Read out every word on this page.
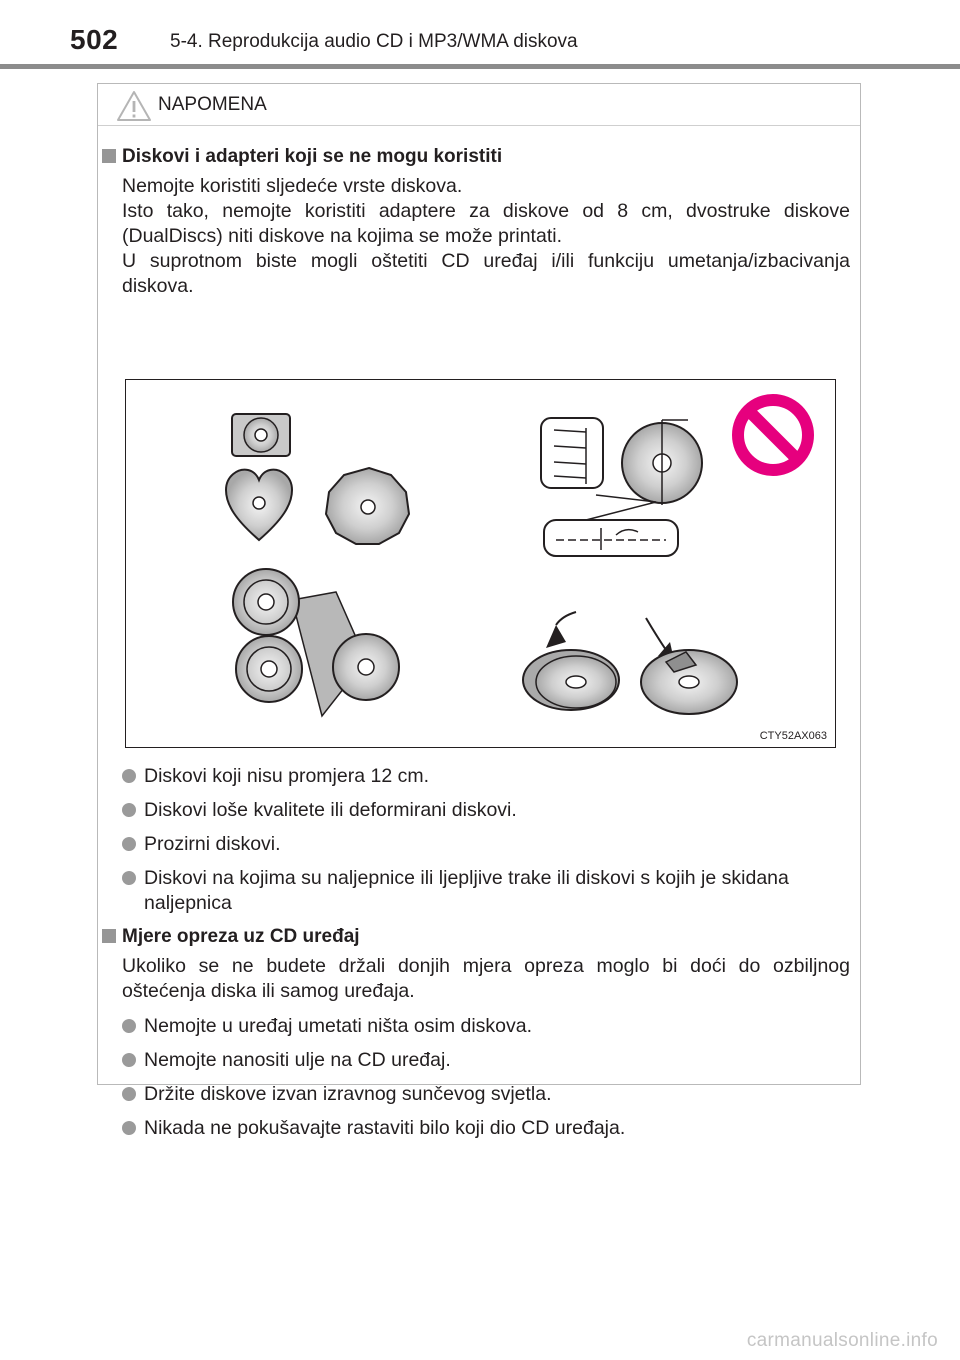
502	5-4. Reprodukcija audio CD i MP3/WMA diskova
NAPOMENA
Diskovi i adapteri koji se ne mogu koristiti

Nemojte koristiti sljedeće vrste diskova.

Isto tako, nemojte koristiti adaptere za diskove od 8 cm, dvostruke diskove (DualDiscs) niti diskove na kojima se može printati.

U suprotnom biste mogli oštetiti CD uređaj i/ili funkciju umetanja/izbacivanja diskova.

CTY52AX063
Diskovi koji nisu promjera 12 cm.
Diskovi loše kvalitete ili deformirani diskovi.
Prozirni diskovi.
Diskovi na kojima su naljepnice ili ljepljive trake ili diskovi s kojih je skidana naljepnica
Mjere opreza uz CD uređaj

Ukoliko se ne budete držali donjih mjera opreza moglo bi doći do ozbiljnog oštećenja diska ili samog uređaja.

Nemojte u uređaj umetati ništa osim diskova.
Nemojte nanositi ulje na CD uređaj.
Držite diskove izvan izravnog sunčevog svjetla.
Nikada ne pokušavajte rastaviti bilo koji dio CD uređaja.
carmanualsonline.info
